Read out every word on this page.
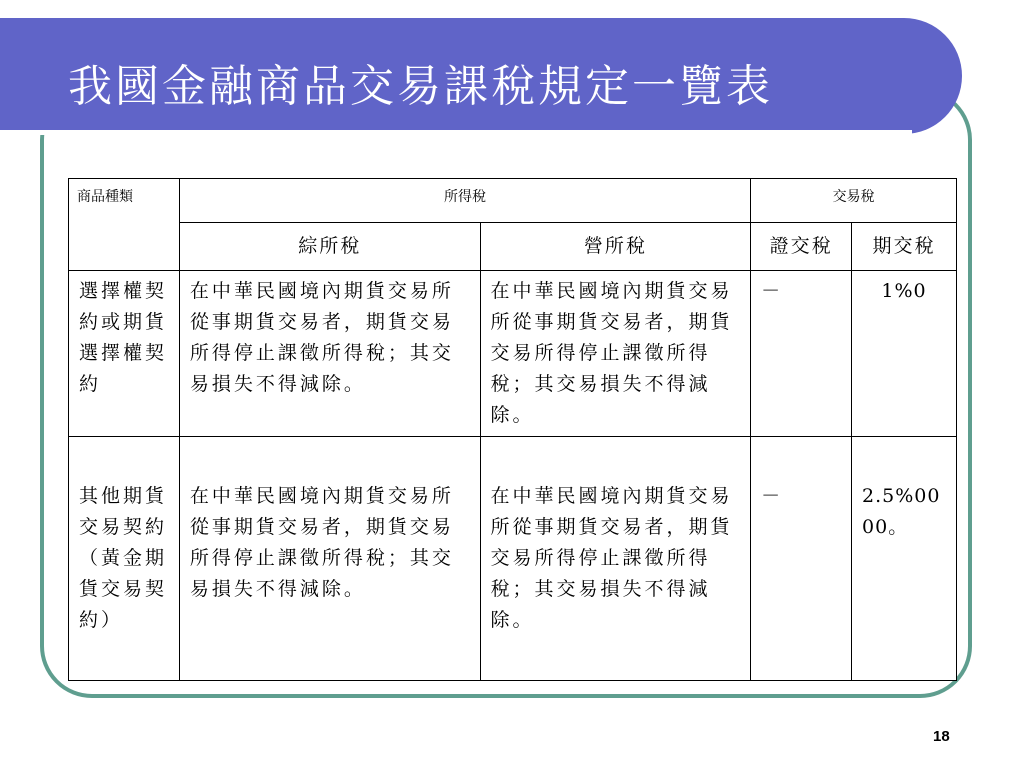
我國金融商品交易課稅規定一覽表
商品種類	所得稅		交易稅	
	綜所稅	營所稅	證交稅	期交稅
選擇權契約或期貨選擇權契約	在中華民國境內期貨交易所從事期貨交易者，期貨交易所得停止課徵所得稅；其交易損失不得減除。	在中華民國境內期貨交易所從事期貨交易者，期貨交易所得停止課徵所得稅；其交易損失不得減除。	－	1%0
其他期貨交易契約（黃金期貨交易契約）	在中華民國境內期貨交易所從事期貨交易者，期貨交易所得停止課徵所得稅；其交易損失不得減除。	在中華民國境內期貨交易所從事期貨交易者，期貨交易所得停止課徵所得稅；其交易損失不得減除。	－	2.5%0000。
18
